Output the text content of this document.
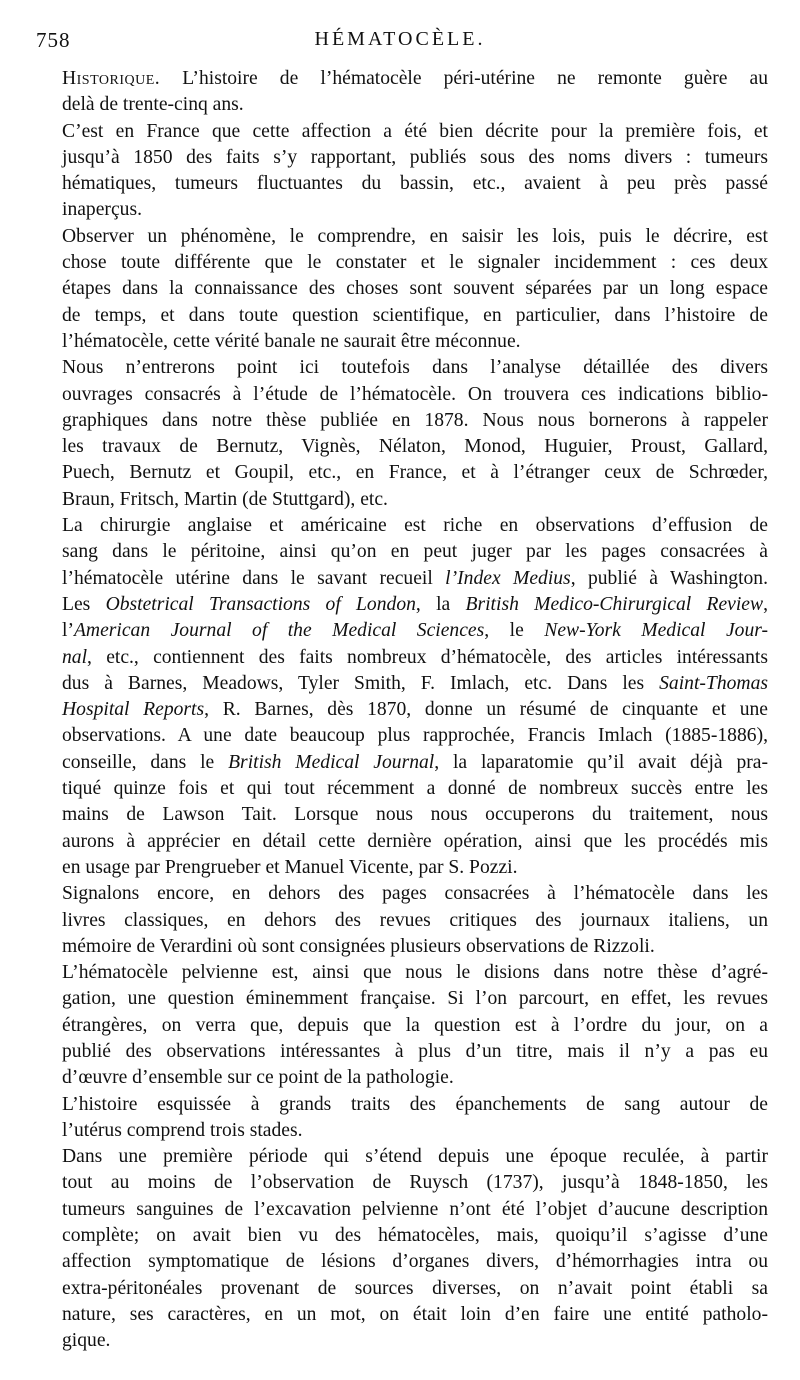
758	HÉMATOCÈLE.

Historique. L’histoire de l’hématocèle péri-utérine ne remonte guère au
delà de trente-cinq ans.

C’est en France que cette affection a été bien décrite pour la première fois, et
jusqu’à 1850 des faits s’y rapportant, publiés sous des noms divers : tumeurs
hématiques, tumeurs fluctuantes du bassin, etc., avaient à peu près passé
inaperçus.

Observer un phénomène, le comprendre, en saisir les lois, puis le décrire, est
chose toute différente que le constater et le signaler incidemment : ces deux
étapes dans la connaissance des choses sont souvent séparées par un long espace
de temps, et dans toute question scientifique, en particulier, dans l’histoire de
l’hématocèle, cette vérité banale ne saurait être méconnue.

Nous n’entrerons point ici toutefois dans l’analyse détaillée des divers
ouvrages consacrés à l’étude de l’hématocèle. On trouvera ces indications biblio-
graphiques dans notre thèse publiée en 1878. Nous nous bornerons à rappeler
les travaux de Bernutz, Vignès, Nélaton, Monod, Huguier, Proust, Gallard,
Puech, Bernutz et Goupil, etc., en France, et à l’étranger ceux de Schrœder,
Braun, Fritsch, Martin (de Stuttgard), etc.

La chirurgie anglaise et américaine est riche en observations d’effusion de
sang dans le péritoine, ainsi qu’on en peut juger par les pages consacrées à
l’hématocèle utérine dans le savant recueil l’Index Medius, publié à Washington.
Les Obstetrical Transactions of London, la British Medico-Chirurgical Review,
l’American Journal of the Medical Sciences, le New-York Medical Jour-
nal, etc., contiennent des faits nombreux d’hématocèle, des articles intéressants
dus à Barnes, Meadows, Tyler Smith, F. Imlach, etc. Dans les Saint-Thomas
Hospital Reports, R. Barnes, dès 1870, donne un résumé de cinquante et une
observations. A une date beaucoup plus rapprochée, Francis Imlach (1885-1886),
conseille, dans le British Medical Journal, la laparatomie qu’il avait déjà pra-
tiqué quinze fois et qui tout récemment a donné de nombreux succès entre les
mains de Lawson Tait. Lorsque nous nous occuperons du traitement, nous
aurons à apprécier en détail cette dernière opération, ainsi que les procédés mis
en usage par Prengrueber et Manuel Vicente, par S. Pozzi.

Signalons encore, en dehors des pages consacrées à l’hématocèle dans les
livres classiques, en dehors des revues critiques des journaux italiens, un
mémoire de Verardini où sont consignées plusieurs observations de Rizzoli.

L’hématocèle pelvienne est, ainsi que nous le disions dans notre thèse d’agré-
gation, une question éminemment française. Si l’on parcourt, en effet, les revues
étrangères, on verra que, depuis que la question est à l’ordre du jour, on a
publié des observations intéressantes à plus d’un titre, mais il n’y a pas eu
d’œuvre d’ensemble sur ce point de la pathologie.

L’histoire esquissée à grands traits des épanchements de sang autour de
l’utérus comprend trois stades.

Dans une première période qui s’étend depuis une époque reculée, à partir
tout au moins de l’observation de Ruysch (1737), jusqu’à 1848-1850, les
tumeurs sanguines de l’excavation pelvienne n’ont été l’objet d’aucune description
complète; on avait bien vu des hématocèles, mais, quoiqu’il s’agisse d’une
affection symptomatique de lésions d’organes divers, d’hémorrhagies intra ou
extra-péritonéales provenant de sources diverses, on n’avait point établi sa
nature, ses caractères, en un mot, on était loin d’en faire une entité patholo-
gique.
